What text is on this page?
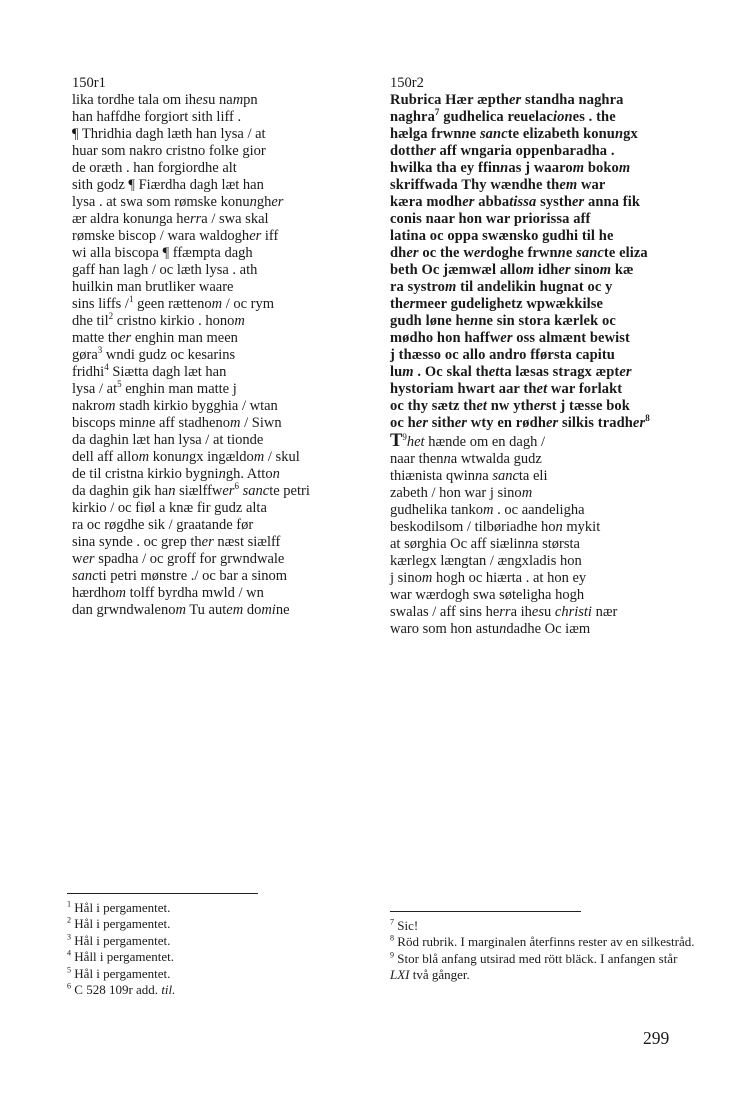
150r1
lika tordhe tala om ihesu nampn
han haffdhe forgiort sith liff .
¶ Thridhia dagh læth han lysa / at
huar som nakro cristno folke gior
de oræth . han forgiordhe alt
sith godz ¶ Fiærdha dagh læt han
lysa . at swa som rømske konungher
ær aldra konunga herra / swa skal
rømske biscop / wara waldogher iff
wi alla biscopa ¶ ffæmpta dagh
gaff han lagh / oc læth lysa . ath
huilkin man brutliker waare
sins liffs /$^1$ geen rættenom / oc rym
dhe til$^2$ cristno kirkio . honom
matte ther enghin man meen
gøra$^3$ wndi gudz oc kesarins
fridhi$^4$ Siætta dagh læt han
lysa / $at^5$ enghin man matte j
nakrom stadh kirkio bygghia / wtan
biscops minne aff stadhenom / Siwn
da daghin læt han lysa / at tionde
dell aff allom konungx ingældom / skul
de til cristna kirkio bygningh. Atton
da daghin gik han siælffwer$^6$ sancte petri
kirkio / oc fiøl a knæ fir gudz alta
ra oc røgdhe sik / graatande før
sina synde . oc grep ther næst siælff
wer spadha / oc groff for grwndwale
sancti petri mønstre ./ oc bar a sinom
hærdhom tolff byrdha mwld / wn
dan grwndwalenom Tu autem domine
150r2
Rubrica Hær æpther standha naghra
naghra$^7$ gudhelica reuelaciones . the
hælga frwnne sancte elizabeth konungx
dotther aff wngaria oppenbaradha .
hwilka tha ey ffinnas j waarom bokom
skriffwada Thy wændhe them war
kæra modher abbatissa systher anna fik
conis naar hon war priorissa aff
latina oc oppa swænsko gudhi til he
dher oc the werdoghe frwnne sancte eliza
beth Oc jæmwæl allom idher sinom kæ
ra systrom til andelikin hugnat oc y
thermeer gudelighetz wpwækkilse
gudh løne henne sin stora kærlek oc
mødho hon haffwer oss almænt bewist
j thæsso oc allo andro fførsta capitu
lum . Oc skal thetta læsas stragx æpter
hystoriam hwart aar thet war forlakt
oc thy sætz thet nw ytherst j tæsse bok
oc her sither wty en rødher silkis tradher$^8$
$T^9het$ hænde om en dagh /
naar thenna wtwalda gudz
thiænista qwinna sancta eli
zabeth / hon war j sinom
gudhelika tankom . oc aandeligha
beskodilsom / tilbøriadhe hon mykit
at sørghia Oc aff siælinna størsta
kærlegx længtan / ængxladis hon
j sinom hogh oc hiærta . at hon ey
war wærdogh swa søteligha hogh
swalas / aff sins herra ihesu christi nær
waro som hon astundadhe Oc iæm
$^1$ Hål i pergamentet.
$^2$ Hål i pergamentet.
$^3$ Hål i pergamentet.
$^4$ Håll i pergamentet.
$^5$ Hål i pergamentet.
$^6$ C 528 109r add. til.
$^7$ Sic!
$^8$ Röd rubrik. I marginalen återfinns rester av en silkestråd.
$^9$ Stor blå anfang utsirad med rött bläck. I anfangen står LXI två gånger.
299
